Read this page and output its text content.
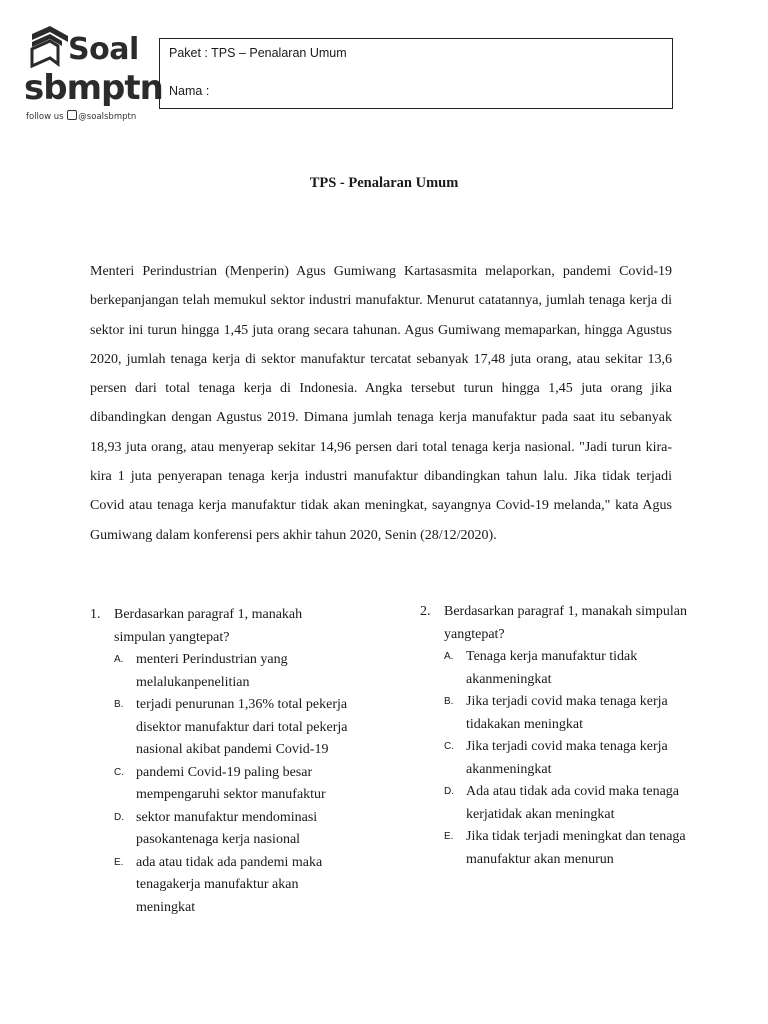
Soal
sbmptn
follow us @soalsbmptn
Paket : TPS – Penalaran Umum
Nama :
TPS - Penalaran Umum

Menteri Perindustrian (Menperin) Agus Gumiwang Kartasasmita melaporkan, pandemi Covid-19 berkepanjangan telah memukul sektor industri manufaktur. Menurut catatannya, jumlah tenaga kerja di sektor ini turun hingga 1,45 juta orang secara tahunan. Agus Gumiwang memaparkan, hingga Agustus 2020, jumlah tenaga kerja di sektor manufaktur tercatat sebanyak 17,48 juta orang, atau sekitar 13,6 persen dari total tenaga kerja di Indonesia. Angka tersebut turun hingga 1,45 juta orang jika dibandingkan dengan Agustus 2019. Dimana jumlah tenaga kerja manufaktur pada saat itu sebanyak 18,93 juta orang, atau menyerap sekitar 14,96 persen dari total tenaga kerja nasional. "Jadi turun kira-kira 1 juta penyerapan tenaga kerja industri manufaktur dibandingkan tahun lalu. Jika tidak terjadi Covid atau tenaga kerja manufaktur tidak akan meningkat, sayangnya Covid-19 melanda," kata Agus Gumiwang dalam konferensi pers akhir tahun 2020, Senin (28/12/2020).

1. Berdasarkan paragraf 1, manakah simpulan yangtepat?
A. menteri Perindustrian yang melalukanpenelitian
B. terjadi penurunan 1,36% total pekerja disektor manufaktur dari total pekerja nasional akibat pandemi Covid-19
C. pandemi Covid-19 paling besar mempengaruhi sektor manufaktur
D. sektor manufaktur mendominasi pasokantenaga kerja nasional
E. ada atau tidak ada pandemi maka tenagakerja manufaktur akan meningkat
2. Berdasarkan paragraf 1, manakah simpulan yangtepat?
A. Tenaga kerja manufaktur tidak akanmeningkat
B. Jika terjadi covid maka tenaga kerja tidakakan meningkat
C. Jika terjadi covid maka tenaga kerja akanmeningkat
D. Ada atau tidak ada covid maka tenaga kerjatidak akan meningkat
E. Jika tidak terjadi meningkat dan tenaga manufaktur akan menurun
